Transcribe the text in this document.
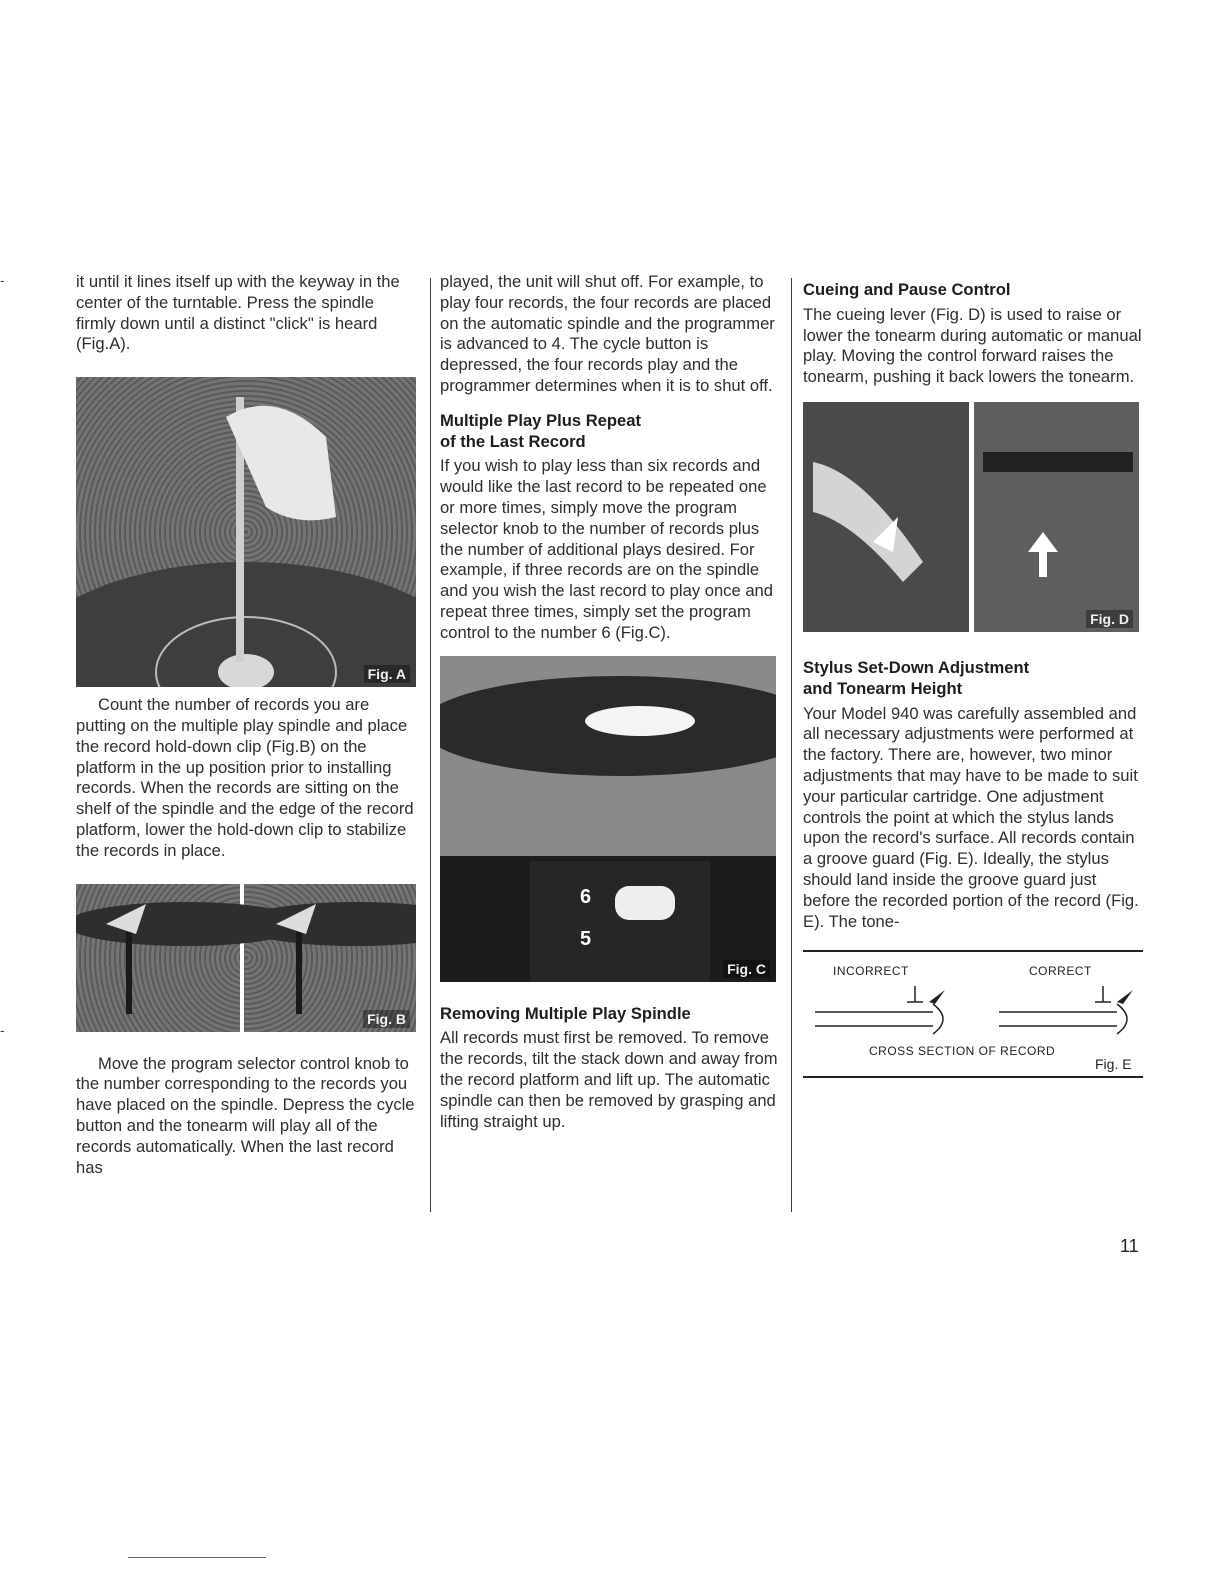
-
-

it until it lines itself up with the keyway in the center of the turntable. Press the spindle firmly down until a distinct "click" is heard (Fig.A).

Fig. A

Count the number of records you are putting on the multiple play spindle and place the record hold-down clip (Fig.B) on the platform in the up position prior to installing records. When the records are sitting on the shelf of the spindle and the edge of the record platform, lower the hold-down clip to stabilize the records in place.

Fig. B

Move the program selector control knob to the number corresponding to the records you have placed on the spindle. Depress the cycle button and the tonearm will play all of the records automatically. When the last record has

played, the unit will shut off. For example, to play four records, the four records are placed on the automatic spindle and the programmer is advanced to 4. The cycle button is depressed, the four records play and the programmer determines when it is to shut off.

Multiple Play Plus Repeat
of the Last Record

If you wish to play less than six records and would like the last record to be repeated one or more times, simply move the program selector knob to the number of records plus the number of additional plays desired. For example, if three records are on the spindle and you wish the last record to play once and repeat three times, simply set the program control to the number 6 (Fig.C).

6
5
Fig. C
Removing Multiple Play Spindle

All records must first be removed. To remove the records, tilt the stack down and away from the record platform and lift up. The automatic spindle can then be removed by grasping and lifting straight up.

Cueing and Pause Control

The cueing lever (Fig. D) is used to raise or lower the tonearm during automatic or manual play. Moving the control forward raises the tonearm, pushing it back lowers the tonearm.

Fig. D
Stylus Set-Down Adjustment
and Tonearm Height

Your Model 940 was carefully assembled and all necessary adjustments were performed at the factory. There are, however, two minor adjustments that may have to be made to suit your particular cartridge. One adjustment controls the point at which the stylus lands upon the record's surface. All records contain a groove guard (Fig. E). Ideally, the stylus should land inside the groove guard just before the recorded portion of the record (Fig. E). The tone-

INCORRECT	CORRECT
CROSS SECTION OF RECORD
Fig. E
11
